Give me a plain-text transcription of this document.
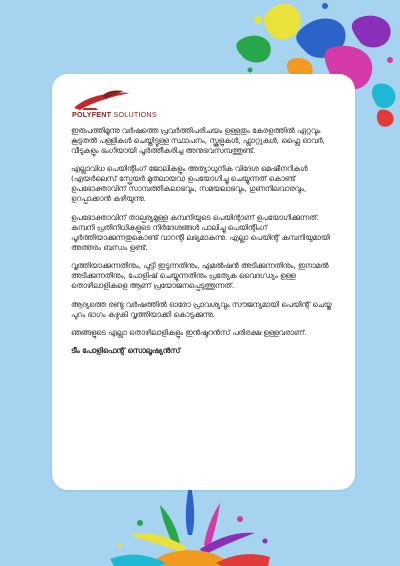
POLYFENT SOLUTIONS

ഇരുപത്തിമൂന്നു വർഷത്തെ പ്രവർത്തിപരിചയം ഉള്ളതും കേരളത്തിൽ ഏറ്റവും കൂടുതൽ പള്ളികൾ ചെയ്തിട്ടുള്ള സ്ഥാപനം, സ്കൂളുകൾ, ഫ്ലാറ്റുകൾ, ഫ്ലൈ ഓവർ, വീടുകളും ഭംഗിയായി പൂർത്തീകരിച്ച അനുഭവസമ്പത്തുണ്ട്.

എല്ലാവിധ പെയിന്റിംഗ് ജോലികളും അത്യാധുനിക വിദേശ മെഷീനറികൾ (എയർലെസ് സ്പ്രേയർ മുതലായവ) ഉപയോഗിച്ചു ചെയ്യുന്നത് കൊണ്ട് ഉപഭോക്താവിന് സാമ്പത്തികലാഭവും, സമയലാഭവും, ഗുണനിലവാരവും, ഉറപ്പാക്കാൻ കഴിയുന്നു.

ഉപഭോക്താവിന് താല്പര്യമുള്ള കമ്പനിയുടെ പെയിന്റാണ് ഉപയോഗിക്കുന്നത്. കമ്പനി പ്രതിനിധികളുടെ നിർദേശങ്ങൾ പാലിച്ചു പെയിന്റിംഗ് പൂർത്തിയാക്കുന്നതുകൊണ്ട് വാറന്റി ലഭ്യമാകുന്നു. എല്ലാ പെയിന്റ് കമ്പനിയുമായി അത്തരം ബന്ധം ഉണ്ട്.

വൃത്തിയാക്കുന്നതിനും, പുട്ടി ഇടുന്നതിനും, എമൽഷൻ അടിക്കുന്നതിനും, ഇനാമൽ അടിക്കുന്നതിനും, പോളിഷ് ചെയ്യുന്നതിനും പ്രത്യേക വൈദഗ്ധ്യം ഉള്ള തൊഴിലാളികളെ ആണ് പ്രയോജനപ്പെടുത്തുന്നത്.

ആദ്യത്തെ രണ്ടു വർഷത്തിൽ ഓരോ പ്രാവശ്യവും സൗജന്യമായി പെയിന്റ് ചെയ്ത പുറം ഭാഗം കഴുകി വൃത്തിയാക്കി കൊടുക്കുന്നു.

ഞങ്ങളുടെ എല്ലാ തൊഴിലാളികളും ഇൻഷുറൻസ് പരിരക്ഷ ഉള്ളവരാണ്.

ടീം പോളിഫെന്റ് സൊലൂഷ്യൻസ്
